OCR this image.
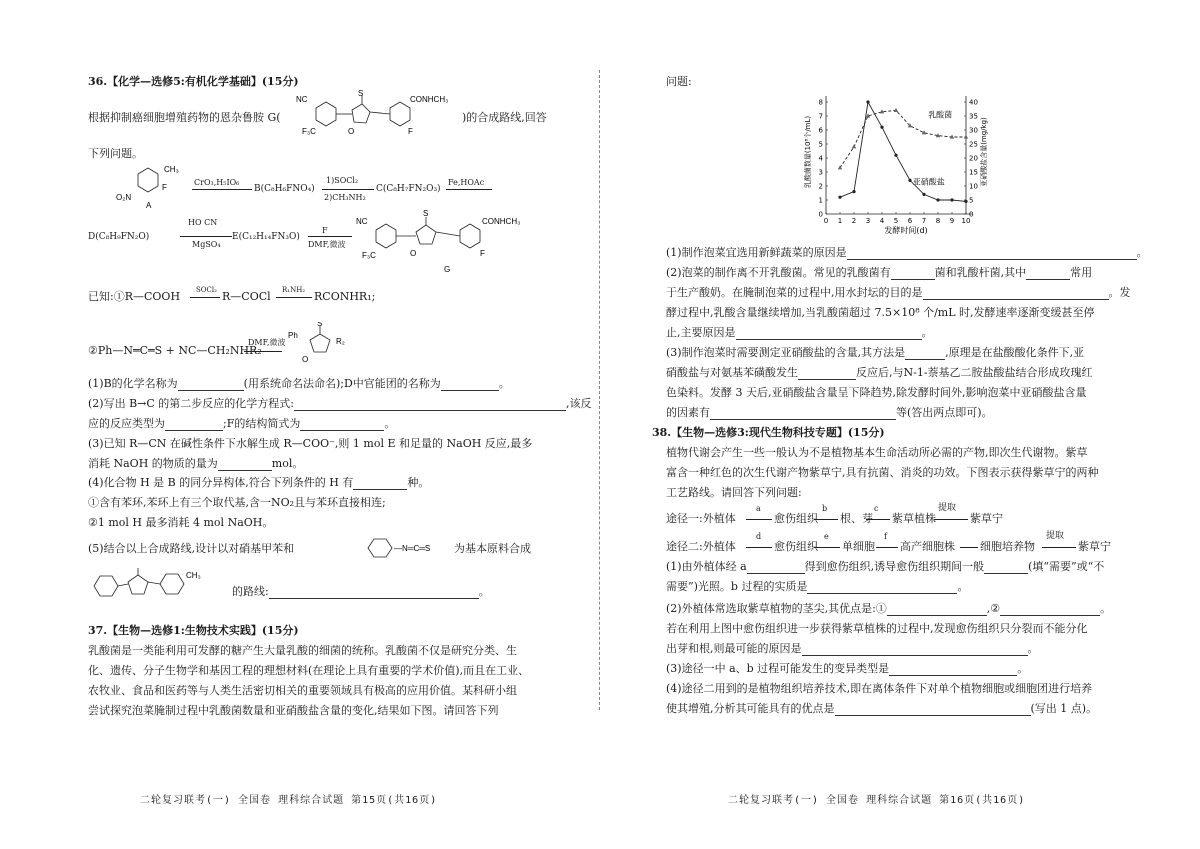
36.【化学—选修5:有机化学基础】(15分)
根据抑制癌细胞增殖药物的恩杂鲁胺 G(
NC
F₃C
S
O
CONHCH₃
F
)的合成路线,回答
下列问题。
CH₃
F
O₂N
A
CrO₃,H₅IO₆
B(C₈H₆FNO₄)
1)SOCl₂
2)CH₃NH₂
C(C₈H₇FN₂O₃)
Fe,HOAc
D(C₈H₉FN₂O)
HO CN
MgSO₄
E(C₁₂H₁₄FN₃O)
F
DMF,微波
NC
F₃C
S
O
CONHCH₃
F
G
已知:①R—COOH SOCl₂ R—COCl R₁NH₂ RCONHR₁;
②Ph—N═C═S + NC—CH₂NHR₂
DMF,微波
Ph
S
R₂
O
(1)B的化学名称为	(用系统命名法命名);D中官能团的名称为	。
(2)写出 B→C 的第二步反应的化学方程式:	,该反
应的反应类型为	;F的结构简式为	。
(3)已知 R—CN 在碱性条件下水解生成 R—COO⁻,则 1 mol E 和足量的 NaOH 反应,最多
消耗 NaOH 的物质的量为	mol。
(4)化合物 H 是 B 的同分异构体,符合下列条件的 H 有	种。
①含有苯环,苯环上有三个取代基,含一NO₂且与苯环直接相连;
②1 mol H 最多消耗 4 mol NaOH。
(5)结合以上合成路线,设计以对硝基甲苯和	—N═C═S 为基本原料合成
CH₃
的路线:	。
37.【生物—选修1:生物技术实践】(15分)
乳酸菌是一类能利用可发酵的糖产生大量乳酸的细菌的统称。乳酸菌不仅是研究分类、生
化、遗传、分子生物学和基因工程的理想材料(在理论上具有重要的学术价值),而且在工业、
农牧业、食品和医药等与人类生活密切相关的重要领域具有极高的应用价值。某科研小组
尝试探究泡菜腌制过程中乳酸菌数量和亚硝酸盐含量的变化,结果如下图。请回答下列
二轮复习联考(一) 全国卷 理科综合试题 第15页(共16页)
问题:
0 1 2 3 4 5 6 7 8 9 10
0
1
2
3
4
5
6
7
8
0
5
10
15
20
25
30
35
40
乳酸菌
亚硝酸盐
发酵时间(d)
乳酸菌数量(10⁸个/mL)	亚硝酸盐含量(mg/kg)
(1)制作泡菜宜选用新鲜蔬菜的原因是	。
(2)泡菜的制作离不开乳酸菌。常见的乳酸菌有	菌和乳酸杆菌,其中	常用
于生产酸奶。在腌制泡菜的过程中,用水封坛的目的是	。发
酵过程中,乳酸含量继续增加,当乳酸菌超过 7.5×10⁸ 个/mL 时,发酵速率逐渐变缓甚至停
止,主要原因是	。
(3)制作泡菜时需要测定亚硝酸盐的含量,其方法是	,原理是在盐酸酸化条件下,亚
硝酸盐与对氨基苯磺酸发生	反应后,与N-1-萘基乙二胺盐酸盐结合形成玫瑰红
色染料。发酵 3 天后,亚硝酸盐含量呈下降趋势,除发酵时间外,影响泡菜中亚硝酸盐含量
的因素有	等(答出两点即可)。
38.【生物—选修3:现代生物科技专题】(15分)
植物代谢会产生一些一般认为不是植物基本生命活动所必需的产物,即次生代谢物。紫草
富含一种红色的次生代谢产物紫草宁,具有抗菌、消炎的功效。下图表示获得紫草宁的两种
工艺路线。请回答下列问题:
途径一:外植体
a
愈伤组织
b
根、芽
c
紫草植株
提取
紫草宁
途径二:外植体
d
愈伤组织
e
单细胞
f
高产细胞株 细胞培养物
提取
紫草宁
(1)由外植体经 a	得到愈伤组织,诱导愈伤组织期间一般	(填“需要”或“不
需要”)光照。b 过程的实质是	。
(2)外植体常选取紫草植物的茎尖,其优点是:①	,②	。
若在利用上图中愈伤组织进一步获得紫草植株的过程中,发现愈伤组织只分裂而不能分化
出芽和根,则最可能的原因是	。
(3)途径一中 a、b 过程可能发生的变异类型是	。
(4)途径二用到的是植物组织培养技术,即在离体条件下对单个植物细胞或细胞团进行培养
使其增殖,分析其可能具有的优点是	(写出 1 点)。
二轮复习联考(一) 全国卷 理科综合试题 第16页(共16页)
